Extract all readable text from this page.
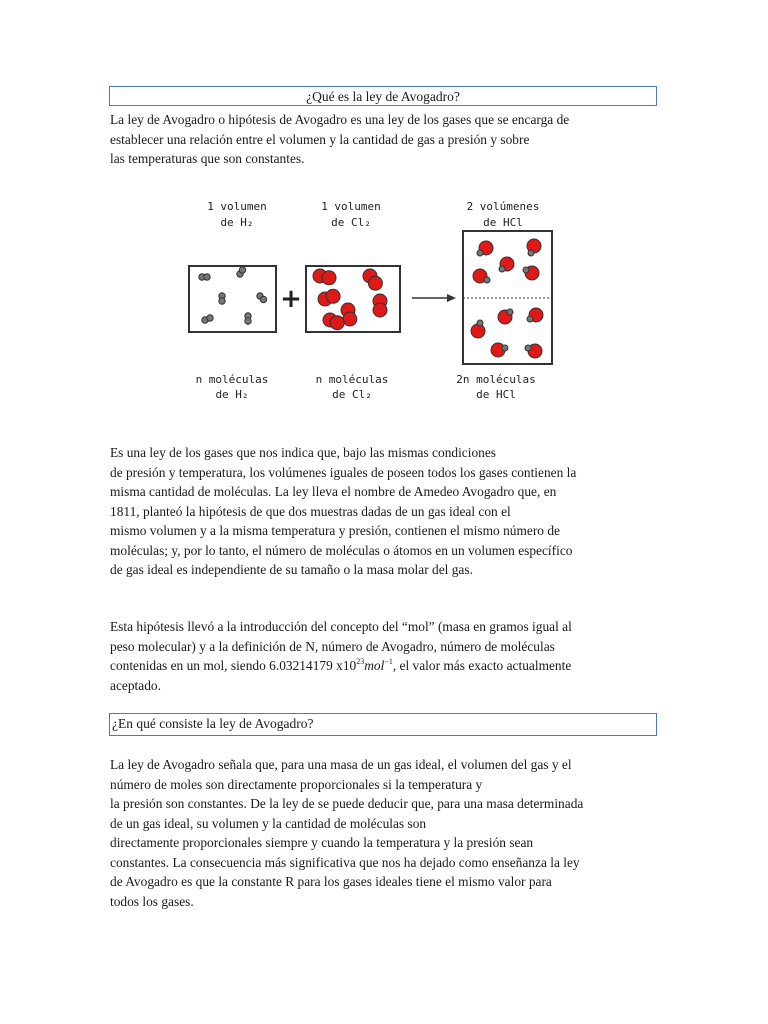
¿Qué es la ley de Avogadro?
La ley de Avogadro o hipótesis de Avogadro es una ley de los gases que se encarga de
establecer una relación entre el volumen y la cantidad de gas a presión y sobre
las temperaturas que son constantes.
1 volumen
de H₂
1 volumen
de Cl₂
2 volúmenes
de HCl
n moléculas
de H₂
n moléculas
de Cl₂
2n moléculas
de HCl
+
Es una ley de los gases que nos indica que, bajo las mismas condiciones
de presión y temperatura, los volúmenes iguales de poseen todos los gases contienen la
misma cantidad de moléculas. La ley lleva el nombre de Amedeo Avogadro que, en
1811, planteó la hipótesis de que dos muestras dadas de un gas ideal con el
mismo volumen y a la misma temperatura y presión, contienen el mismo número de
moléculas; y, por lo tanto, el número de moléculas o átomos en un volumen específico
de gas ideal es independiente de su tamaño o la masa molar del gas.
Esta hipótesis llevó a la introducción del concepto del “mol” (masa en gramos igual al
peso molecular) y a la definición de N, número de Avogadro, número de moléculas
contenidas en un mol, siendo 6.03214179 $x10^{23}mol^{-1}$, el valor más exacto actualmente
aceptado.
¿En qué consiste la ley de Avogadro?
La ley de Avogadro señala que, para una masa de un gas ideal, el volumen del gas y el
número de moles son directamente proporcionales si la temperatura y
la presión son constantes. De la ley de se puede deducir que, para una masa determinada
de un gas ideal, su volumen y la cantidad de moléculas son
directamente proporcionales siempre y cuando la temperatura y la presión sean
constantes. La consecuencia más significativa que nos ha dejado como enseñanza la ley
de Avogadro es que la constante R para los gases ideales tiene el mismo valor para
todos los gases.
